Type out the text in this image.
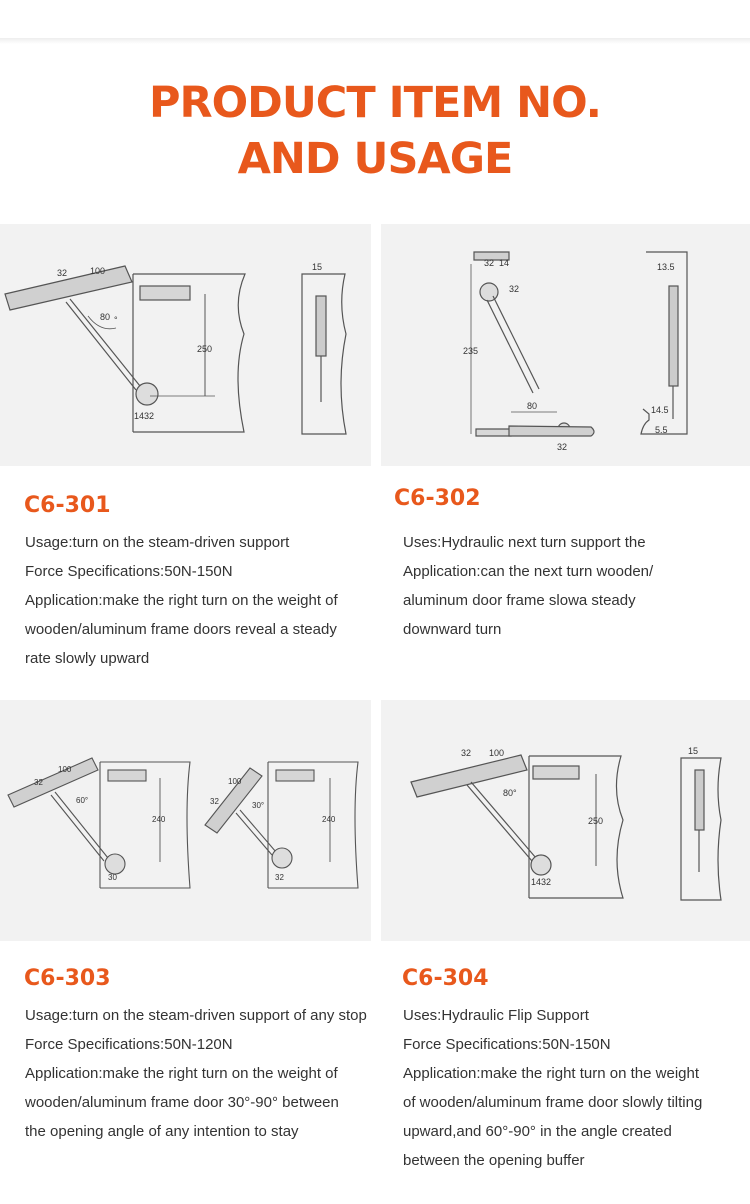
PRODUCT ITEM NO.
AND USAGE
32	100
80 °
250
1432
15	32 14
32
235
80
32
13.5
14.5
5.5
C6-301
Usage:turn on the steam-driven support
Force Specifications:50N-150N
Application:make the right turn on the weight of
wooden/aluminum frame doors reveal a steady
rate slowly upward
C6-302
Uses:Hydraulic next turn support the
Application:can the next turn wooden/
aluminum door frame slowa steady
downward turn
32
100
60°
240
30
100
32	30°
240
32
32 100
80°
250
1432
15
C6-303
Usage:turn on the steam-driven support of any stop
Force Specifications:50N-120N
Application:make the right turn on the weight of
wooden/aluminum frame door 30°-90° between
the opening angle of any intention to stay
C6-304
Uses:Hydraulic Flip Support
Force Specifications:50N-150N
Application:make the right turn on the weight
of wooden/aluminum frame door slowly tilting
upward,and 60°-90° in the angle created
between the opening buffer
